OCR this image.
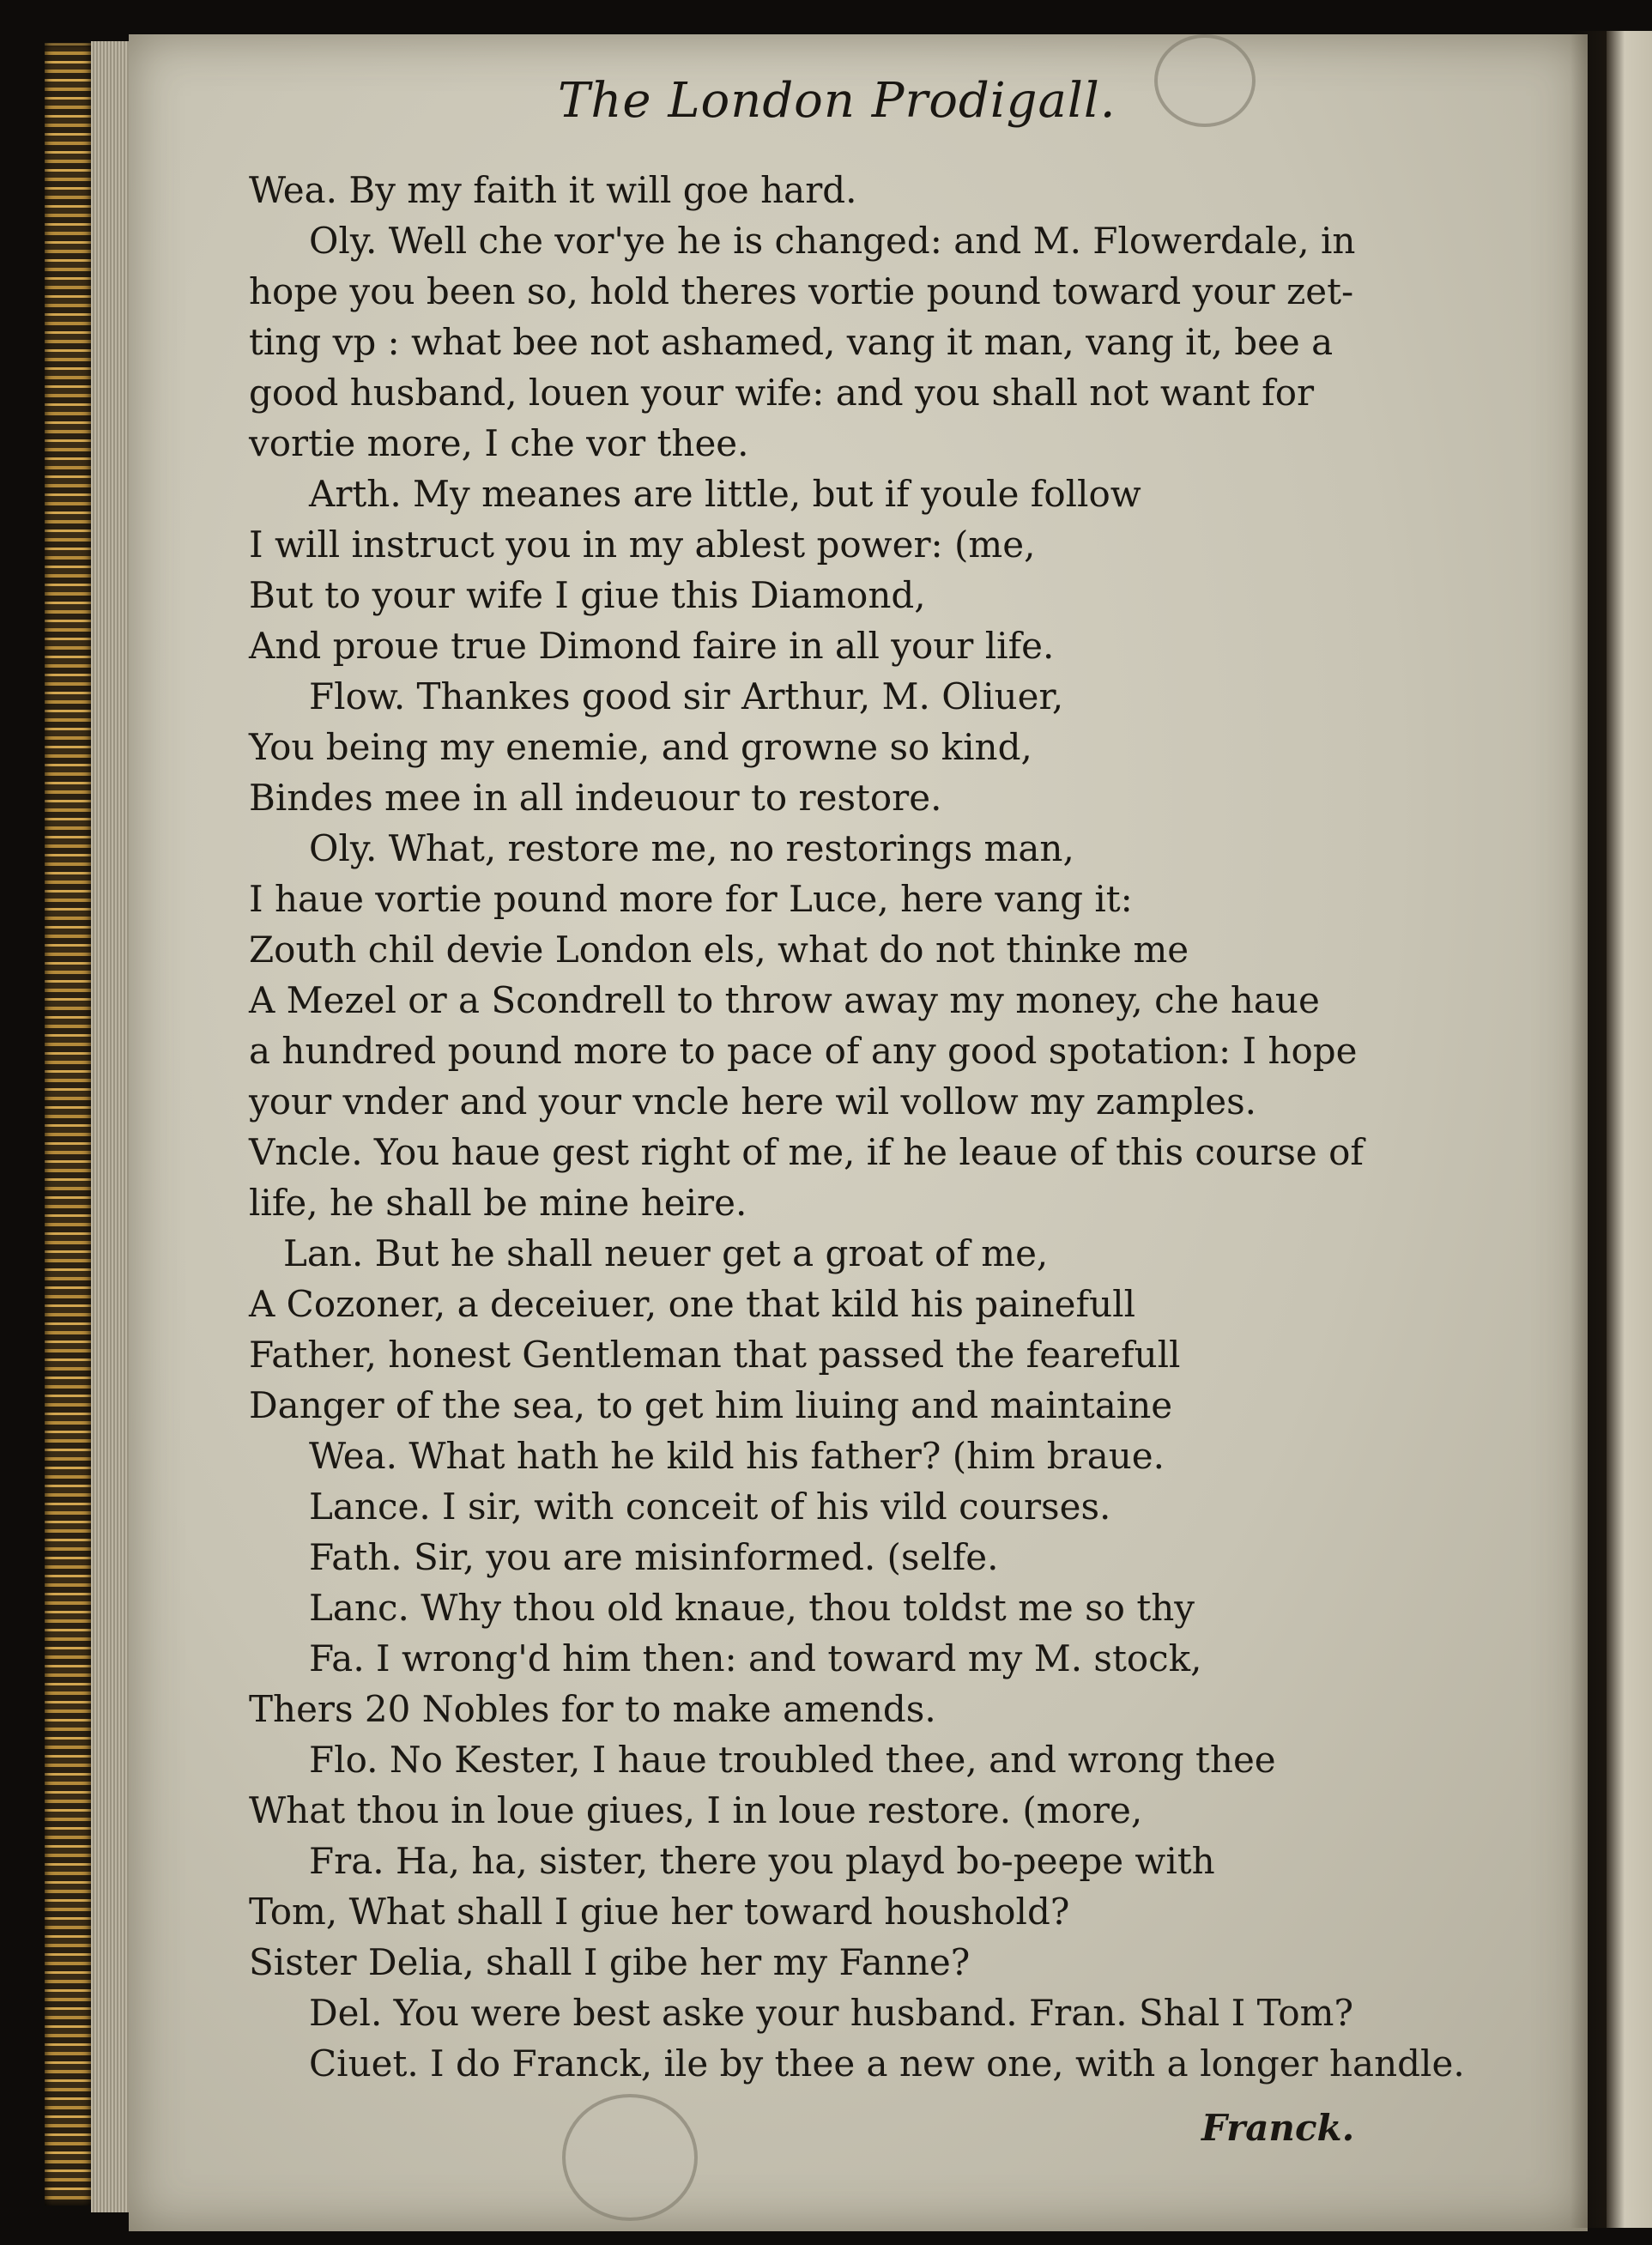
The London Prodigall.
Wea. By my faith it will goe hard.
Oly. Well che vor'ye he is changed: and M. Flowerdale, in
hope you been so, hold theres vortie pound toward your zet-
ting vp : what bee not ashamed, vang it man, vang it, bee a
good husband, louen your wife: and you shall not want for
vortie more, I che vor thee.
Arth. My meanes are little, but if youle follow
I will instruct you in my ablest power: (me,
But to your wife I giue this Diamond,
And proue true Dimond faire in all your life.
Flow. Thankes good sir Arthur, M. Oliuer,
You being my enemie, and growne so kind,
Bindes mee in all indeuour to restore.
Oly. What, restore me, no restorings man,
I haue vortie pound more for Luce, here vang it:
Zouth chil devie London els, what do not thinke me
A Mezel or a Scondrell to throw away my money, che haue
a hundred pound more to pace of any good spotation: I hope
your vnder and your vncle here wil vollow my zamples.
Vncle. You haue gest right of me, if he leaue of this course of
life, he shall be mine heire.
Lan. But he shall neuer get a groat of me,
A Cozoner, a deceiuer, one that kild his painefull
Father, honest Gentleman that passed the fearefull
Danger of the sea, to get him liuing and maintaine
Wea. What hath he kild his father? (him braue.
Lance. I sir, with conceit of his vild courses.
Fath. Sir, you are misinformed. (selfe.
Lanc. Why thou old knaue, thou toldst me so thy
Fa. I wrong'd him then: and toward my M. stock,
Thers 20 Nobles for to make amends.
Flo. No Kester, I haue troubled thee, and wrong thee
What thou in loue giues, I in loue restore. (more,
Fra. Ha, ha, sister, there you playd bo-peepe with
Tom, What shall I giue her toward houshold?
Sister Delia, shall I gibe her my Fanne?
Del. You were best aske your husband. Fran. Shal I Tom?
Ciuet. I do Franck, ile by thee a new one, with a longer handle.
Franck.
